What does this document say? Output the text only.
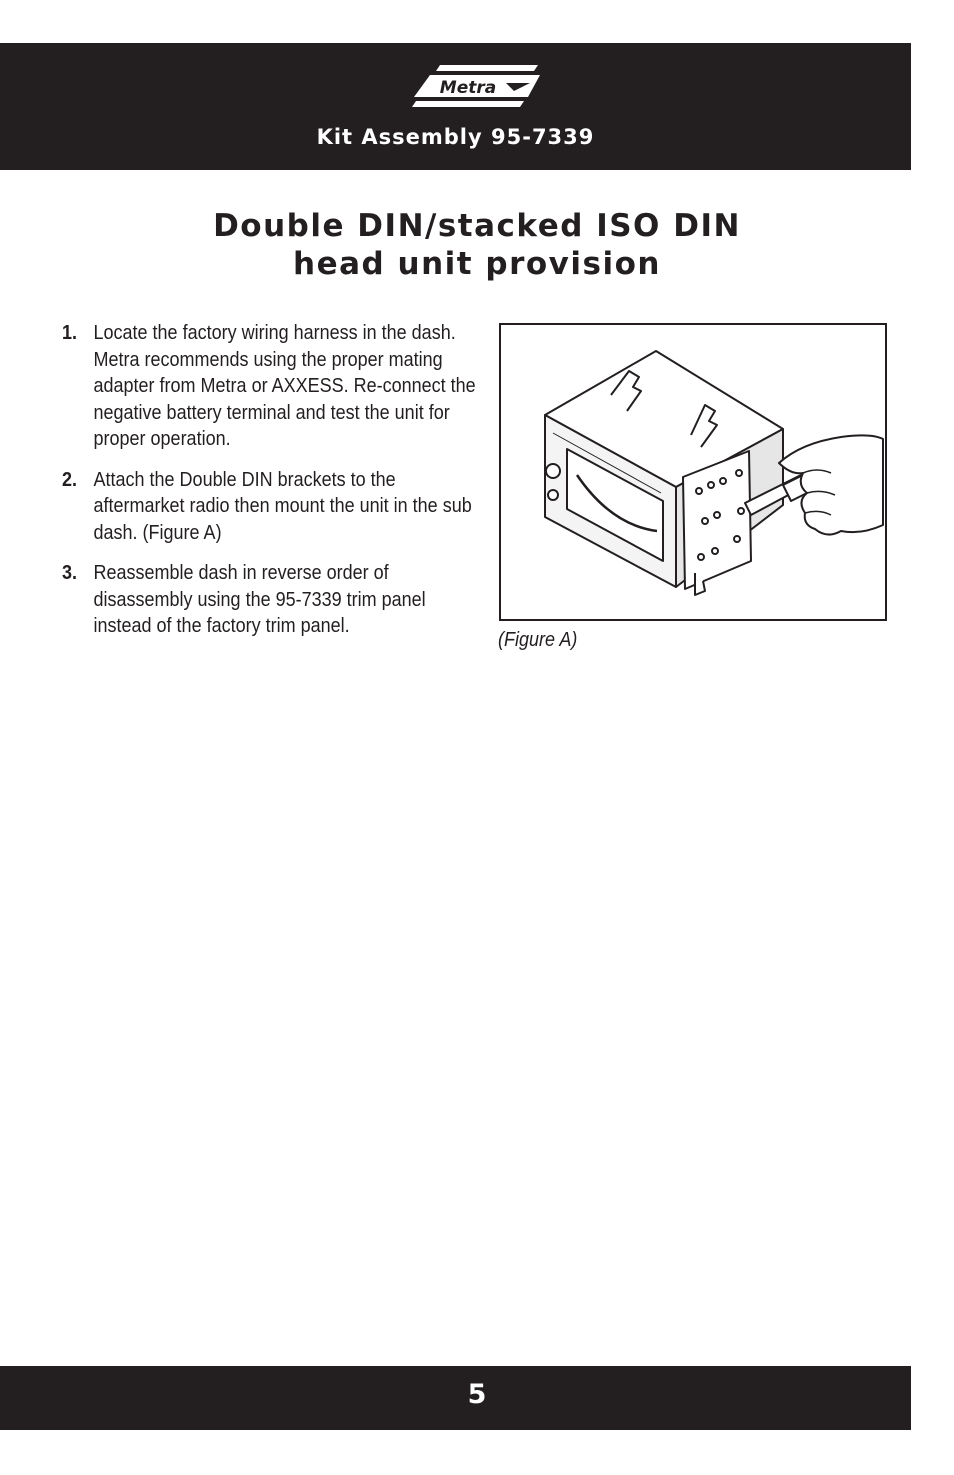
Metra
Kit Assembly 95-7339
Double DIN/stacked ISO DIN
head unit provision
1. Locate the factory wiring harness in the dash. Metra recommends using the proper mating adapter from Metra or AXXESS. Re-connect the negative battery terminal and test the unit for proper operation.
2. Attach the Double DIN brackets to the aftermarket radio then mount the unit in the sub dash. (Figure A)
3. Reassemble dash in reverse order of disassembly using the 95-7339 trim panel instead of the factory trim panel.
(Figure A)
5
